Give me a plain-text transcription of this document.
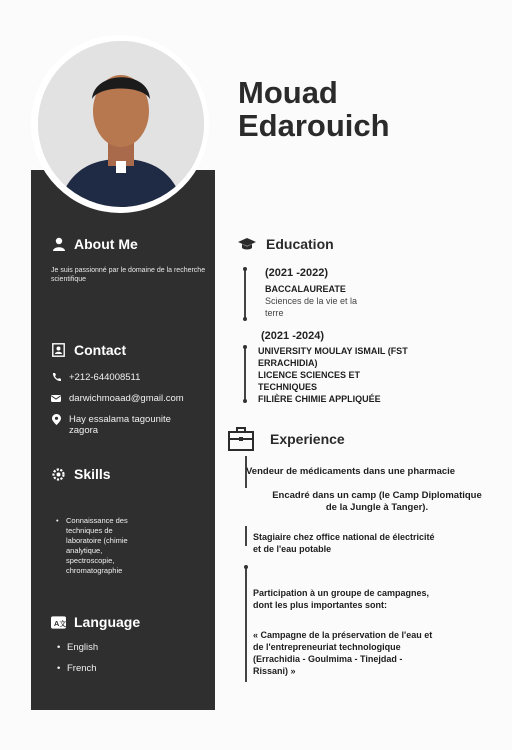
Mouad
Edarouich
About Me
Je suis passionné par le domaine de la recherche scientifique
Contact
+212-644008511
darwichmoaad@gmail.com
Hay essalama tagounite
zagora
Skills
• Connaissance des techniques de laboratoire (chimie analytique, spectroscopie, chromatographie
A 文 Language
• English
• French
Education
(2021 -2022)
BACCALAUREATE
Sciences de la vie et la
terre
(2021 -2024)
UNIVERSITY MOULAY ISMAIL (FST
ERRACHIDIA)
LICENCE SCIENCES ET
TECHNIQUES
FILIÈRE CHIMIE APPLIQUÉE
Experience
Vendeur de médicaments dans une pharmacie
Encadré dans un camp (le Camp Diplomatique
de la Jungle à Tanger).
Stagiaire chez office national de électricité
et de l'eau potable
Participation à un groupe de campagnes,
dont les plus importantes sont:
« Campagne de la préservation de l'eau et
de l'entrepreneuriat technologique
(Errachidia - Goulmima - Tinejdad -
Rissani) »
